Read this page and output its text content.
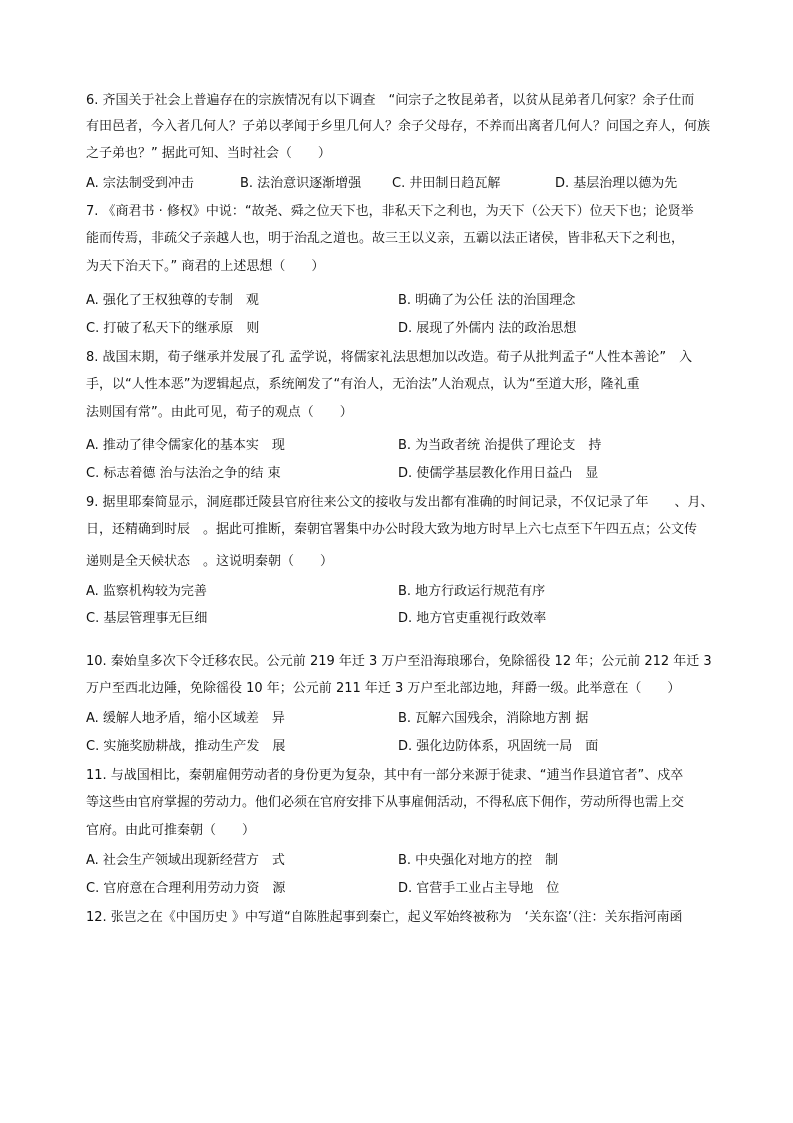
6. 齐国关于社会上普遍存在的宗族情况有以下调查　“问宗子之牧昆弟者，以贫从昆弟者几何家？余子仕而
有田邑者，今入者几何人？子弟以孝闻于乡里几何人？余子父母存，不养而出离者几何人？问国之弃人，何族
之子弟也？” 据此可知、当时社会（　　）
A. 宗法制受到冲击	B. 法治意识逐渐增强 C. 井田制日趋瓦解	D. 基层治理以德为先
7. 《商君书 · 修权》中说：“故尧、舜之位天下也，非私天下之利也，为天下（公天下）位天下也；论贤举
能而传焉，非疏父子亲越人也，明于治乱之道也。故三王以义亲，五霸以法正诸侯，皆非私天下之利也，
为天下治天下。” 商君的上述思想（　　）
A. 强化了王权独尊的专制　观	B. 明确了为公任 法的治国理念
C. 打破了私天下的继承原　则	D. 展现了外儒内 法的政治思想
8. 战国末期，荀子继承并发展了孔 孟学说，将儒家礼法思想加以改造。荀子从批判孟子“人性本善论”　入
手，以“人性本恶”为逻辑起点，系统阐发了“有治人，无治法”人治观点，认为“至道大形，隆礼重
法则国有常”。由此可见，荀子的观点（　　）
A. 推动了律令儒家化的基本实　现	B. 为当政者统 治提供了理论支　持
C. 标志着德 治与法治之争的结 束	D. 使儒学基层教化作用日益凸　显
9. 据里耶秦简显示，洞庭郡迁陵县官府往来公文的接收与发出都有准确的时间记录，不仅记录了年　　、月、
日，还精确到时辰　。据此可推断，秦朝官署集中办公时段大致为地方时早上六七点至下午四五点；公文传
递则是全天候状态　。这说明秦朝（　　）
A. 监察机构较为完善	B. 地方行政运行规范有序
C. 基层管理事无巨细	D. 地方官吏重视行政效率
10. 秦始皇多次下令迁移农民。公元前 219 年迁 3 万户至沿海琅琊台，免除徭役 12 年；公元前 212 年迁 3
万户至西北边陲，免除徭役 10 年；公元前 211 年迁 3 万户至北部边地，拜爵一级。此举意在（　　）
A. 缓解人地矛盾，缩小区域差　异	B. 瓦解六国残余，消除地方割 据
C. 实施奖励耕战，推动生产发　展	D. 强化边防体系，巩固统一局　面
11. 与战国相比，秦朝雇佣劳动者的身份更为复杂，其中有一部分来源于徒隶、“逋当作县道官者”、戍卒
等这些由官府掌握的劳动力。他们必须在官府安排下从事雇佣活动，不得私底下佣作，劳动所得也需上交
官府。由此可推秦朝（　　）
A. 社会生产领域出现新经营方　式	B. 中央强化对地方的控　制
C. 官府意在合理利用劳动力资　源	D. 官营手工业占主导地　位
12. 张岂之在《中国历史 》中写道“自陈胜起事到秦亡，起义军始终被称为　‘关东盗’（注：关东指河南函
